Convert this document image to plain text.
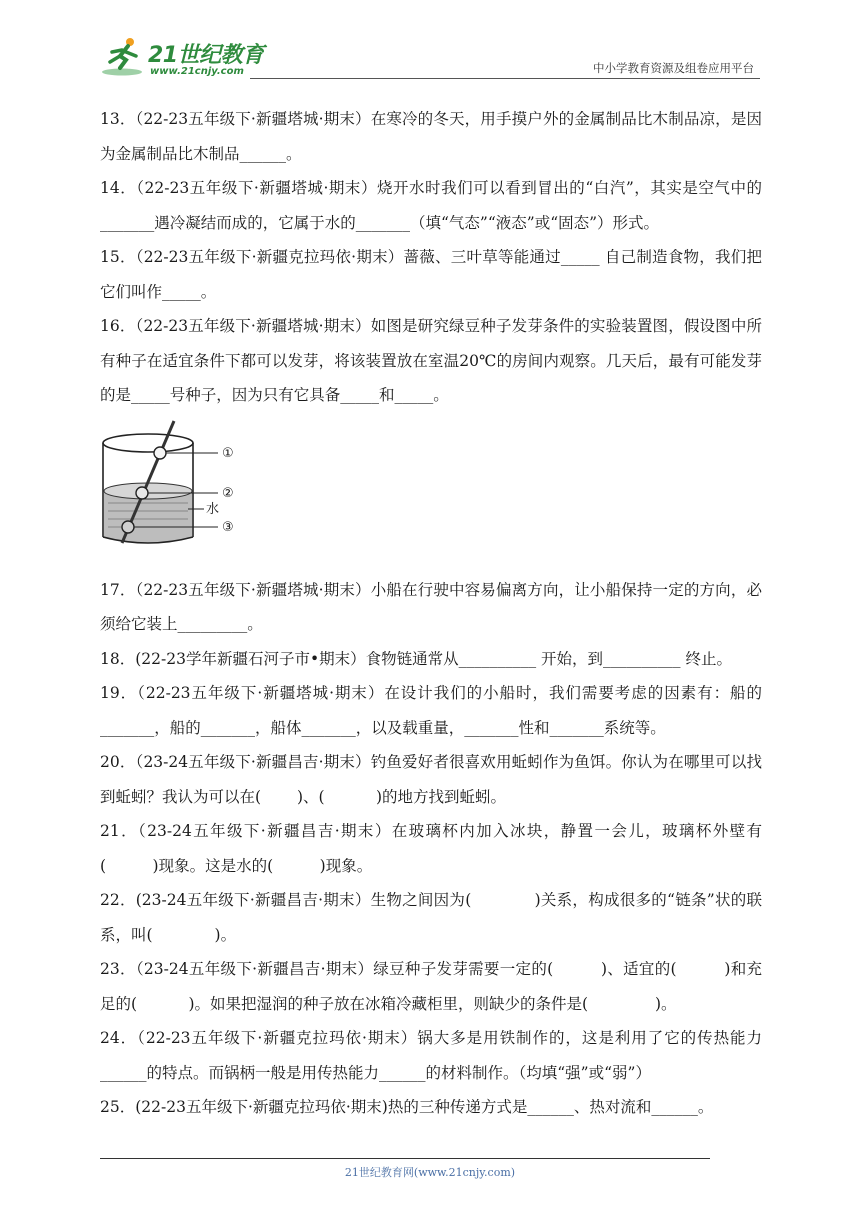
21世纪教育
www.21cnjy.com	中小学教育资源及组卷应用平台

13．（22-23五年级下·新疆塔城·期末）在寒冷的冬天，用手摸户外的金属制品比木制品凉，是因为金属制品比木制品______。

14．（22-23五年级下·新疆塔城·期末）烧开水时我们可以看到冒出的“白汽”，其实是空气中的_______遇冷凝结而成的，它属于水的_______（填“气态”“液态”或“固态”）形式。

15．（22-23五年级下·新疆克拉玛依·期末）蔷薇、三叶草等能通过_____ 自己制造食物，我们把它们叫作_____。

16．（22-23五年级下·新疆塔城·期末）如图是研究绿豆种子发芽条件的实验装置图，假设图中所有种子在适宜条件下都可以发芽，将该装置放在室温20℃的房间内观察。几天后，最有可能发芽的是_____号种子，因为只有它具备_____和_____。

①
②
水
③

17．（22-23五年级下·新疆塔城·期末）小船在行驶中容易偏离方向，让小船保持一定的方向，必须给它装上_________。

18．(22-23学年新疆石河子市•期末）食物链通常从__________ 开始，到__________ 终止。

19．（22-23五年级下·新疆塔城·期末）在设计我们的小船时，我们需要考虑的因素有：船的_______，船的_______，船体_______，以及载重量，_______性和_______系统等。

20．（23-24五年级下·新疆昌吉·期末）钓鱼爱好者很喜欢用蚯蚓作为鱼饵。你认为在哪里可以找到蚯蚓？我认为可以在(　　 )、(　　　 )的地方找到蚯蚓。

21．（23-24五年级下·新疆昌吉·期末）在玻璃杯内加入冰块，静置一会儿，玻璃杯外壁有(　　　)现象。这是水的(　　　)现象。

22．(23-24五年级下·新疆昌吉·期末）生物之间因为(　　　　)关系，构成很多的“链条”状的联系，叫(　　　　)。

23．（23-24五年级下·新疆昌吉·期末）绿豆种子发芽需要一定的(　　　)、适宜的(　　　)和充足的(　　　 )。如果把湿润的种子放在冰箱冷藏柜里，则缺少的条件是(　　　　 )。

24．（22-23五年级下·新疆克拉玛依·期末）锅大多是用铁制作的，这是利用了它的传热能力______的特点。而锅柄一般是用传热能力______的材料制作。（均填“强”或“弱”）

25．(22-23五年级下·新疆克拉玛依·期末)热的三种传递方式是______、热对流和______。

21世纪教育网(www.21cnjy.com)
